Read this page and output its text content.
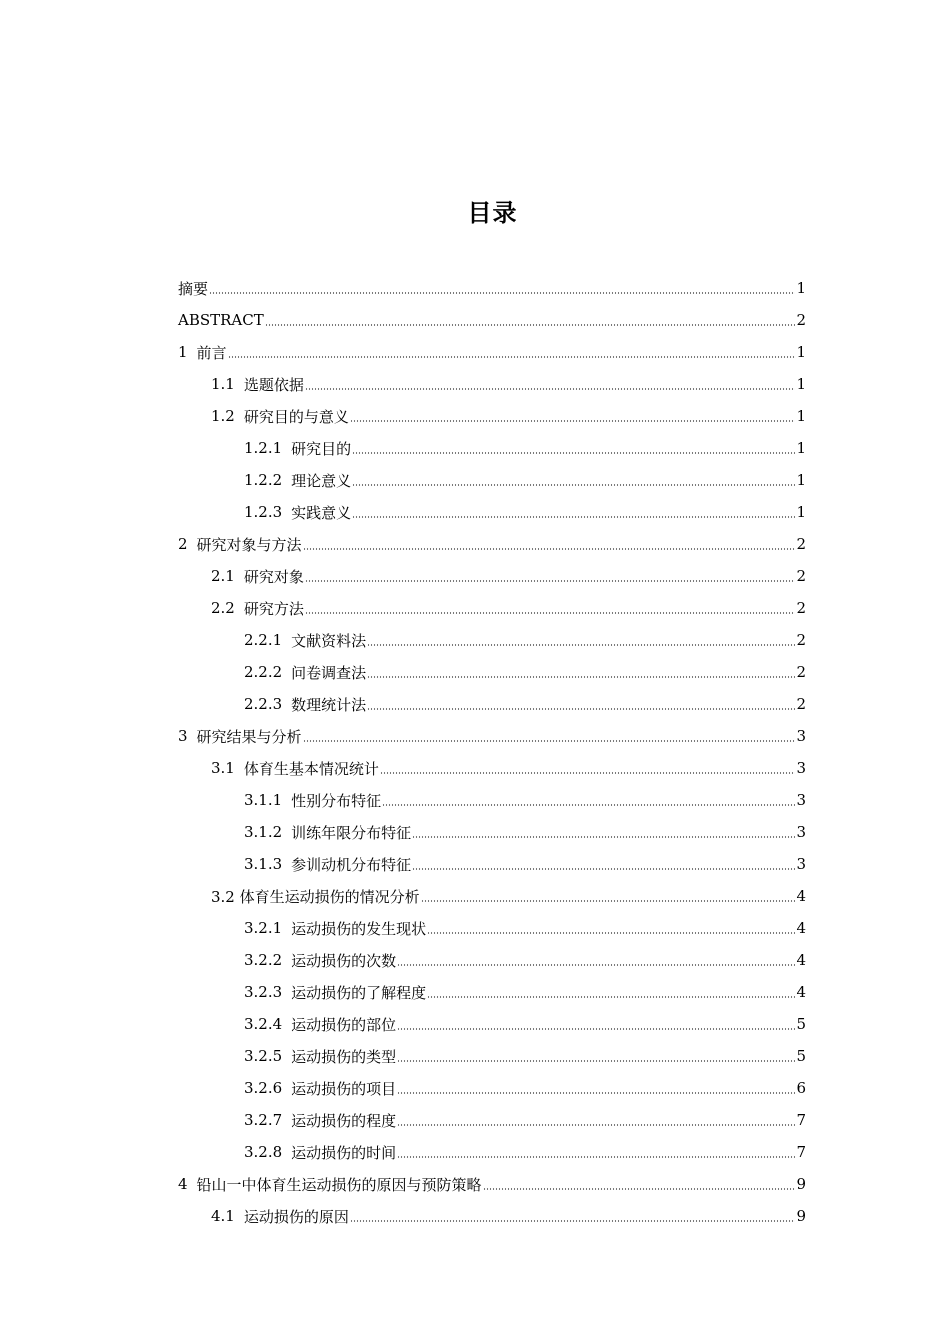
目录
摘要	1
ABSTRACT	2
1 前言	1
1.1 选题依据	1
1.2 研究目的与意义	1
1.2.1 研究目的	1
1.2.2 理论意义	1
1.2.3 实践意义	1
2 研究对象与方法	2
2.1 研究对象	2
2.2 研究方法	2
2.2.1 文献资料法	2
2.2.2 问卷调查法	2
2.2.3 数理统计法	2
3 研究结果与分析	3
3.1 体育生基本情况统计	3
3.1.1 性别分布特征	3
3.1.2 训练年限分布特征	3
3.1.3 参训动机分布特征	3
3.2 体育生运动损伤的情况分析	4
3.2.1 运动损伤的发生现状	4
3.2.2 运动损伤的次数	4
3.2.3 运动损伤的了解程度	4
3.2.4 运动损伤的部位	5
3.2.5 运动损伤的类型	5
3.2.6 运动损伤的项目	6
3.2.7 运动损伤的程度	7
3.2.8 运动损伤的时间	7
4 铅山一中体育生运动损伤的原因与预防策略	9
4.1 运动损伤的原因	9
